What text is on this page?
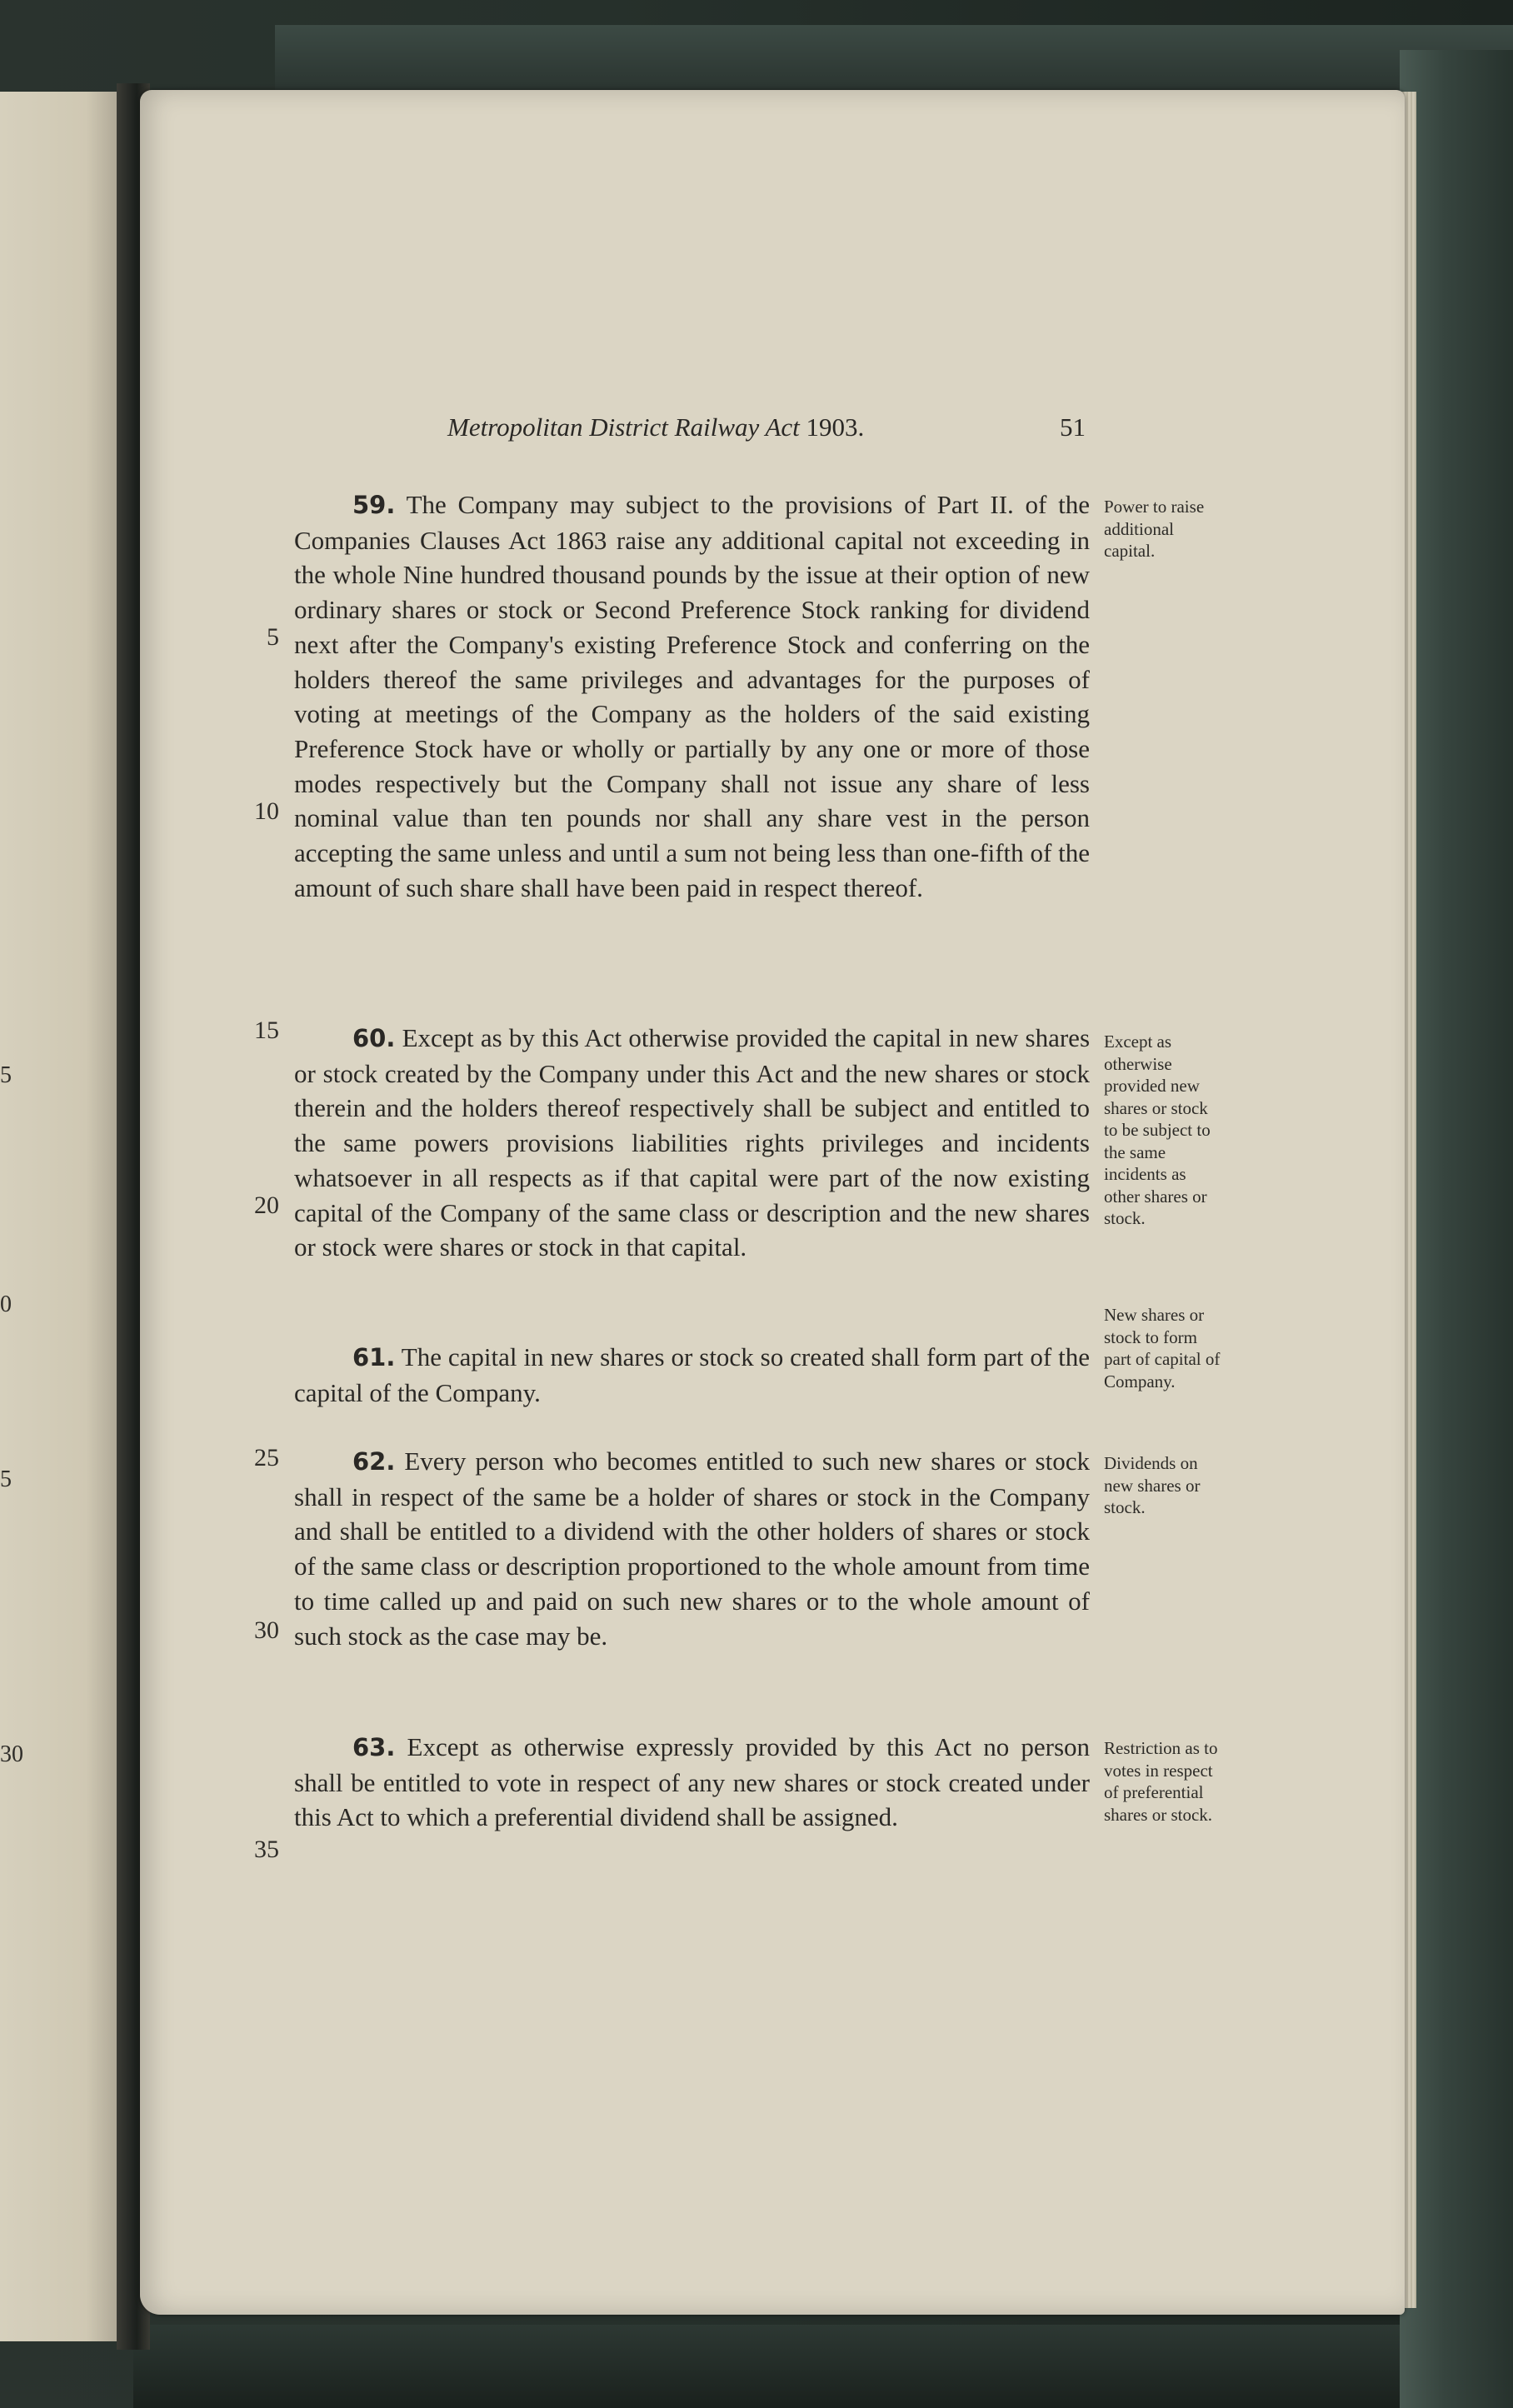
5
0
5
30
Metropolitan District Railway Act 1903.	51
5
10
15
20
25
30
35
59. The Company may subject to the provisions of Part II. of the Companies Clauses Act 1863 raise any additional capital not exceeding in the whole Nine hundred thousand pounds by the issue at their option of new ordinary shares or stock or Second Preference Stock ranking for dividend next after the Company's existing Preference Stock and conferring on the holders thereof the same privileges and advantages for the purposes of voting at meetings of the Company as the holders of the said existing Preference Stock have or wholly or partially by any one or more of those modes respectively but the Company shall not issue any share of less nominal value than ten pounds nor shall any share vest in the person accepting the same unless and until a sum not being less than one-fifth of the amount of such share shall have been paid in respect thereof.
Power to raise additional capital.
60. Except as by this Act otherwise provided the capital in new shares or stock created by the Company under this Act and the new shares or stock therein and the holders thereof respectively shall be subject and entitled to the same powers provisions liabilities rights privileges and incidents whatsoever in all respects as if that capital were part of the now existing capital of the Company of the same class or description and the new shares or stock were shares or stock in that capital.
Except as otherwise provided new shares or stock to be subject to the same incidents as other shares or stock.
61. The capital in new shares or stock so created shall form part of the capital of the Company.
New shares or stock to form part of capital of Company.
62. Every person who becomes entitled to such new shares or stock shall in respect of the same be a holder of shares or stock in the Company and shall be entitled to a dividend with the other holders of shares or stock of the same class or description proportioned to the whole amount from time to time called up and paid on such new shares or to the whole amount of such stock as the case may be.
Dividends on new shares or stock.
63. Except as otherwise expressly provided by this Act no person shall be entitled to vote in respect of any new shares or stock created under this Act to which a preferential dividend shall be assigned.
Restriction as to votes in respect of preferential shares or stock.
